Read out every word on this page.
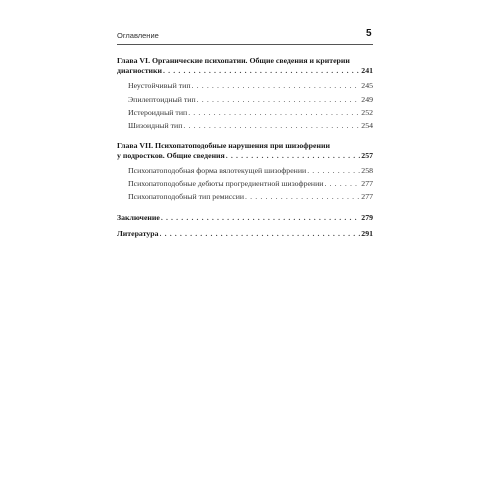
Оглавление	5
Глава VI. Органические психопатии. Общие сведения и критерии
диагностики . . .	241
Неустойчивый тип . . .	245
Эпилептоидный тип . . .	249
Истероидный тип . . .	252
Шизоидный тип . . .	254
Глава VII. Психопатоподобные нарушения при шизофрении
у подростков. Общие сведения . . .	257
Психопатоподобная форма вялотекущей шизофрении . . .	258
Психопатоподобные дебюты прогредиентной шизофрении . . .	277
Психопатоподобный тип ремиссии . . .	277
Заключение . . .	279
Литература . . .	291
